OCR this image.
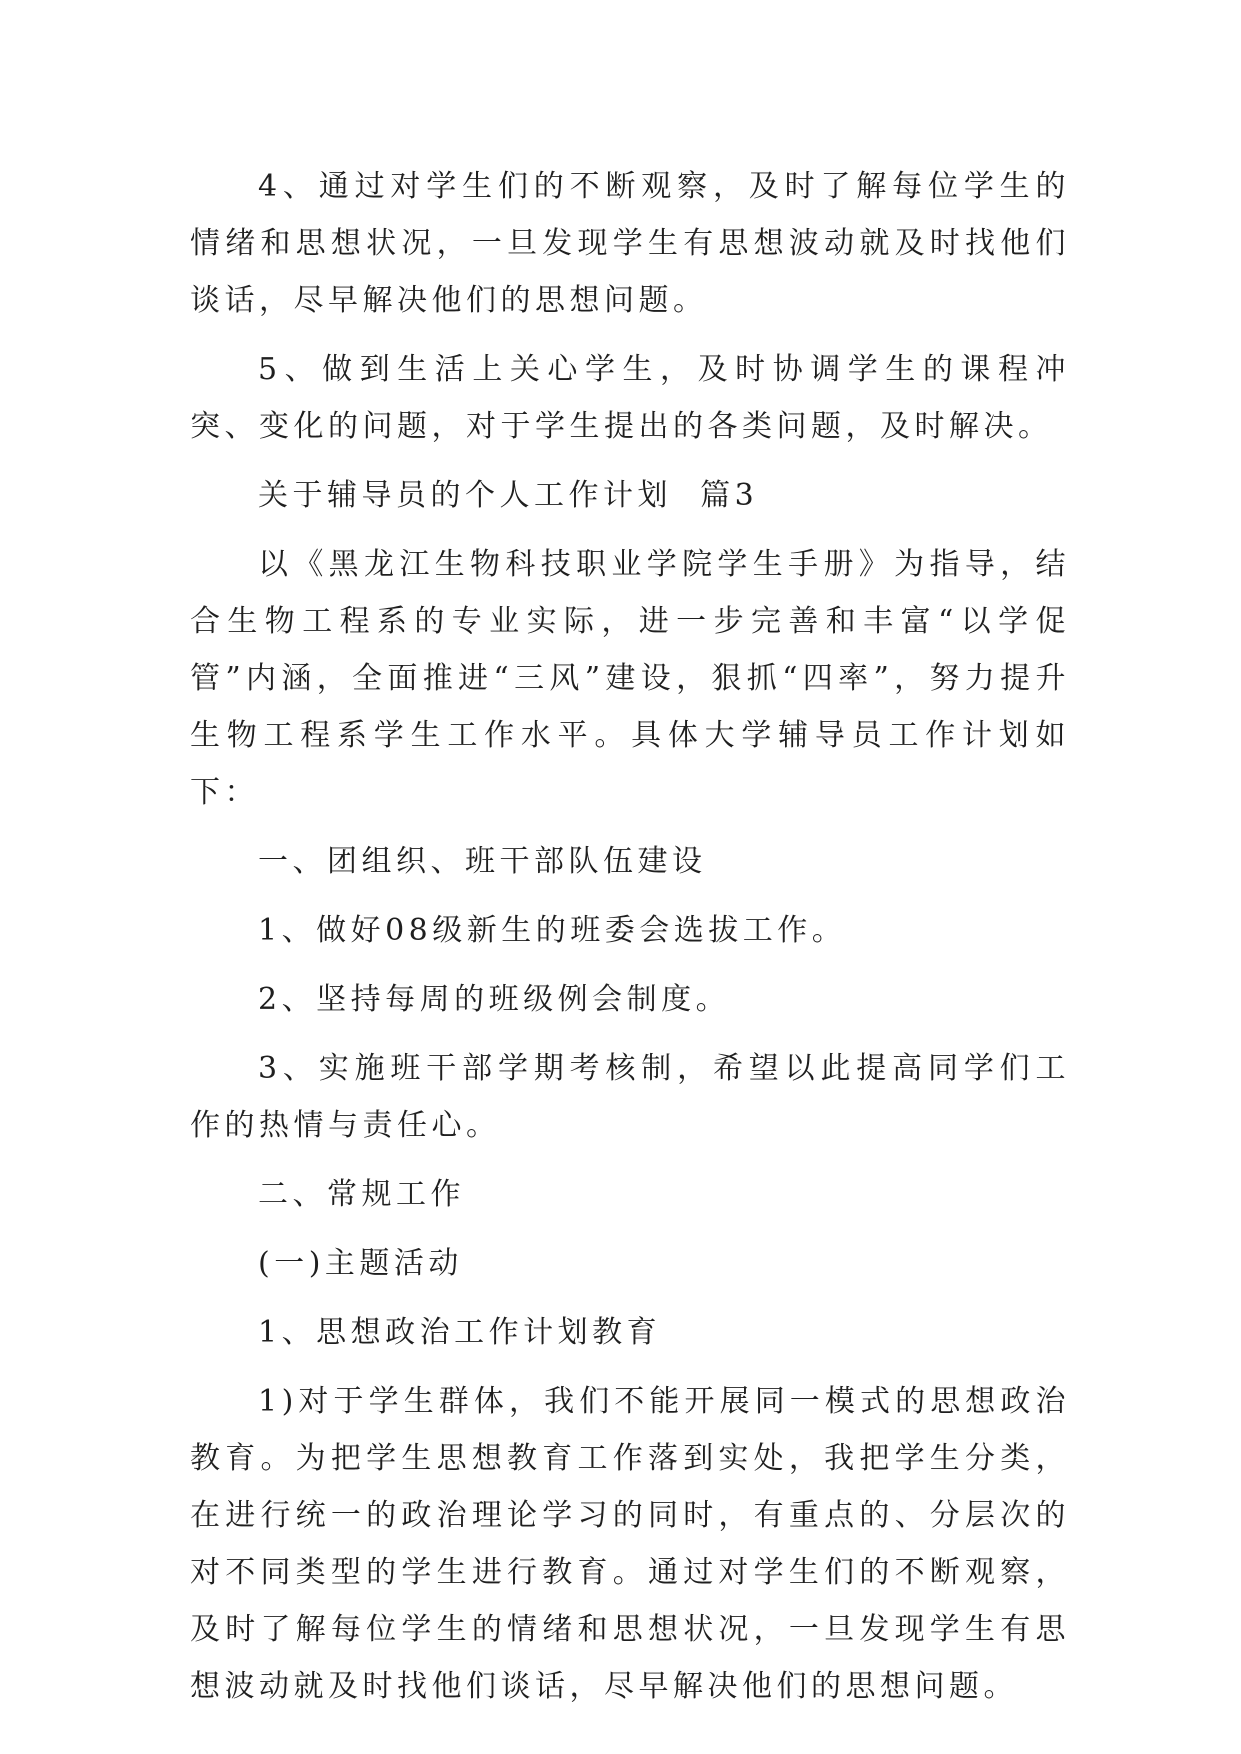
4、通过对学生们的不断观察，及时了解每位学生的情绪和思想状况，一旦发现学生有思想波动就及时找他们谈话，尽早解决他们的思想问题。

5、做到生活上关心学生，及时协调学生的课程冲突、变化的问题，对于学生提出的各类问题，及时解决。

关于辅导员的个人工作计划  篇3

以《黑龙江生物科技职业学院学生手册》为指导，结合生物工程系的专业实际，进一步完善和丰富“以学促管”内涵，全面推进“三风”建设，狠抓“四率”，努力提升生物工程系学生工作水平。具体大学辅导员工作计划如下：

一、团组织、班干部队伍建设

1、做好08级新生的班委会选拔工作。

2、坚持每周的班级例会制度。

3、实施班干部学期考核制，希望以此提高同学们工作的热情与责任心。

二、常规工作

(一)主题活动

1、思想政治工作计划教育

1)对于学生群体，我们不能开展同一模式的思想政治教育。为把学生思想教育工作落到实处，我把学生分类，在进行统一的政治理论学习的同时，有重点的、分层次的对不同类型的学生进行教育。通过对学生们的不断观察，及时了解每位学生的情绪和思想状况，一旦发现学生有思想波动就及时找他们谈话，尽早解决他们的思想问题。
